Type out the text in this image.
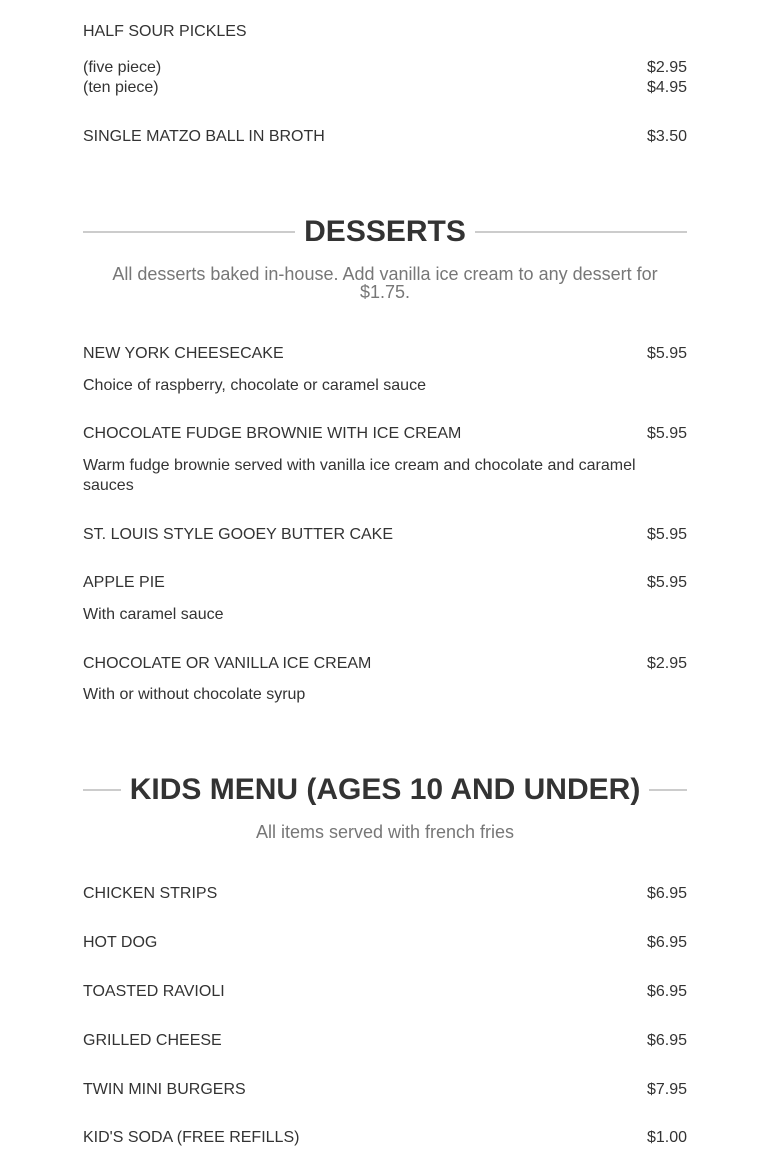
HALF SOUR PICKLES
(five piece)	$2.95
(ten piece)	$4.95
SINGLE MATZO BALL IN BROTH	$3.50
DESSERTS
All desserts baked in-house. Add vanilla ice cream to any dessert for $1.75.
NEW YORK CHEESECAKE	$5.95
Choice of raspberry, chocolate or caramel sauce
CHOCOLATE FUDGE BROWNIE WITH ICE CREAM	$5.95
Warm fudge brownie served with vanilla ice cream and chocolate and caramel sauces
ST. LOUIS STYLE GOOEY BUTTER CAKE	$5.95
APPLE PIE	$5.95
With caramel sauce
CHOCOLATE OR VANILLA ICE CREAM	$2.95
With or without chocolate syrup
KIDS MENU (AGES 10 AND UNDER)
All items served with french fries
CHICKEN STRIPS	$6.95
HOT DOG	$6.95
TOASTED RAVIOLI	$6.95
GRILLED CHEESE	$6.95
TWIN MINI BURGERS	$7.95
KID'S SODA (FREE REFILLS)	$1.00
